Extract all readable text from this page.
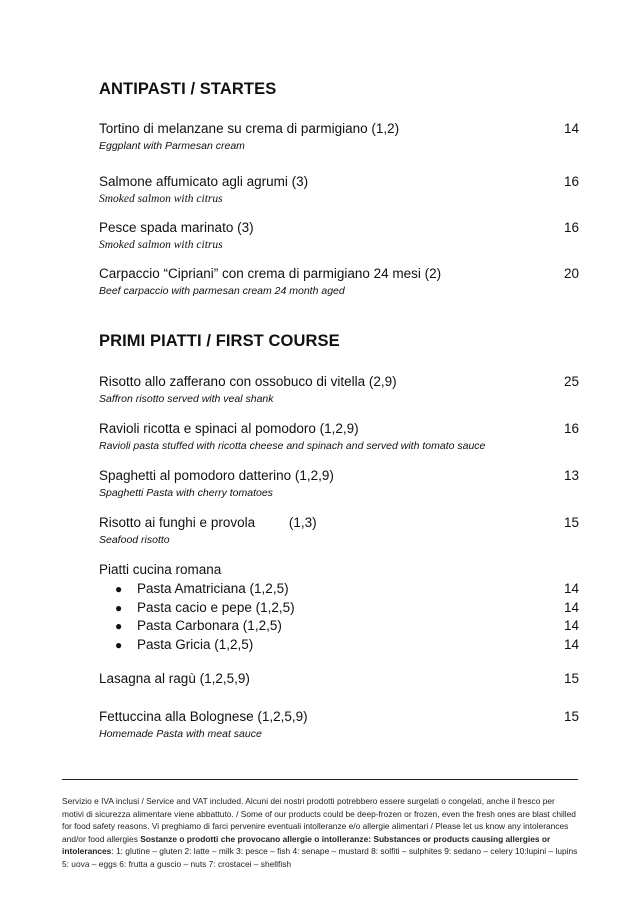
ANTIPASTI / STARTES
Tortino di melanzane su crema di parmigiano (1,2)	14
Eggplant with Parmesan cream
Salmone affumicato agli agrumi (3)	16
Smoked salmon with citrus
Pesce spada marinato (3)	16
Smoked salmon with citrus
Carpaccio “Cipriani” con crema di parmigiano 24 mesi (2)	20
Beef carpaccio with parmesan cream 24 month aged
PRIMI PIATTI / FIRST COURSE
Risotto allo zafferano con ossobuco di vitella (2,9)	25
Saffron risotto served with veal shank
Ravioli ricotta e spinaci al pomodoro (1,2,9)	16
Ravioli pasta stuffed with ricotta cheese and spinach and served with tomato sauce
Spaghetti al pomodoro datterino (1,2,9)	13
Spaghetti Pasta with cherry tomatoes
Risotto ai funghi e provola         (1,3)	15
Seafood risotto
Piatti cucina romana
● Pasta Amatriciana (1,2,5)	14
● Pasta cacio e pepe (1,2,5)	14
● Pasta Carbonara (1,2,5)	14
● Pasta Gricia (1,2,5)	14
Lasagna al ragù (1,2,5,9)	15
Fettuccina alla Bolognese (1,2,5,9)	15
Homemade Pasta with meat sauce
Servizio e IVA inclusi / Service and VAT included. Alcuni dei nostri prodotti potrebbero essere surgelati o congelati, anche il fresco per motivi di sicurezza alimentare viene abbattuto. / Some of our products could be deep-frozen or frozen, even the fresh ones are blast chilled for food safety reasons. Vi preghiamo di farci pervenire eventuali intolleranze e/o allergie alimentari / Please let us know any intolerances and/or food allergies Sostanze o prodotti che provocano allergie o intolleranze: Substances or products causing allergies or intolerances: 1: glutine – gluten 2: latte – milk 3: pesce – fish 4: senape – mustard 8: solfiti – sulphites 9: sedano – celery 10:lupini – lupins 5: uova – eggs 6: frutta a guscio – nuts 7: crostacei – shellfish
